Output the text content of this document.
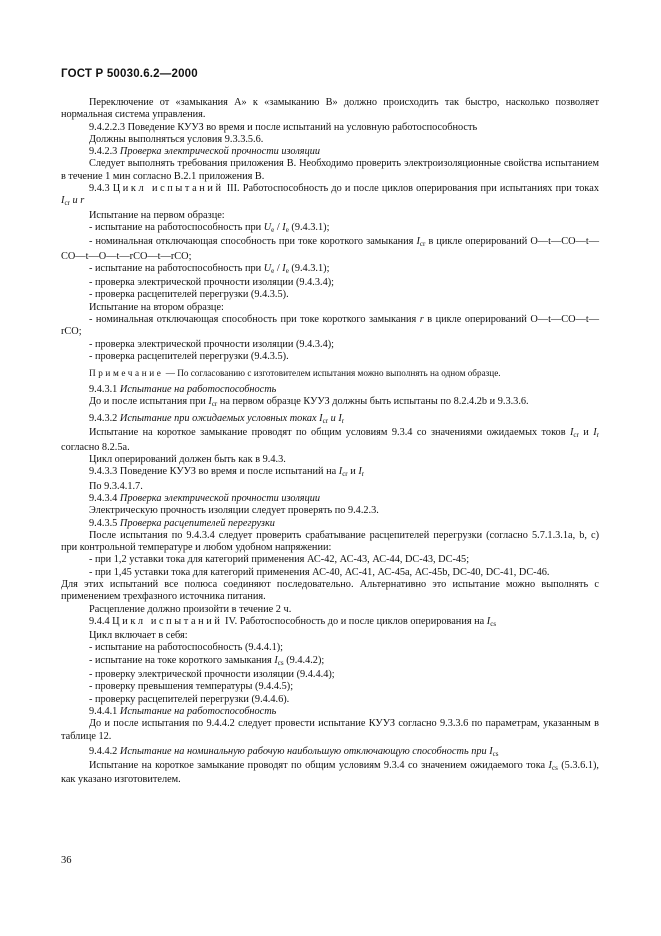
ГОСТ Р 50030.6.2—2000

Переключение от «замыкания А» к «замыканию В» должно происходить так быстро, насколько позволяет нормальная система управления.

9.4.2.2.3 Поведение КУУЗ во время и после испытаний на условную работоспособность

Должны выполняться условия 9.3.3.5.6.

9.4.2.3 Проверка электрической прочности изоляции

Следует выполнять требования приложения В. Необходимо проверить электроизоляционные свойства испытанием в течение 1 мин согласно В.2.1 приложения В.

9.4.3 Цикл испытаний III. Работоспособность до и после циклов оперирования при испытаниях при токах $I_{cr}$ и r

Испытание на первом образце:

- испытание на работоспособность при $U_e / I_e$ (9.4.3.1);

- номинальная отключающая способность при токе короткого замыкания $I_{cr}$ в цикле оперирований О—t—СО—t—СО—t—О—t—rСО—t—rСО;

- испытание на работоспособность при $U_e / I_e$ (9.4.3.1);

- проверка электрической прочности изоляции (9.4.3.4);

- проверка расцепителей перегрузки (9.4.3.5).

Испытание на втором образце:

- номинальная отключающая способность при токе короткого замыкания r в цикле оперирований О—t—СО—t—rСО;

- проверка электрической прочности изоляции (9.4.3.4);

- проверка расцепителей перегрузки (9.4.3.5).

Примечание — По согласованию с изготовителем испытания можно выполнять на одном образце.

9.4.3.1 Испытание на работоспособность

До и после испытания при $I_{cr}$ на первом образце КУУЗ должны быть испытаны по 8.2.4.2b и 9.3.3.6.

9.4.3.2 Испытание при ожидаемых условных токах $I_{cr}$ и $I_r$

Испытание на короткое замыкание проводят по общим условиям 9.3.4 со значениями ожидаемых токов $I_{cr}$ и $I_r$ согласно 8.2.5а.

Цикл оперирований должен быть как в 9.4.3.

9.4.3.3 Поведение КУУЗ во время и после испытаний на $I_{cr}$ и $I_r$

По 9.3.4.1.7.

9.4.3.4 Проверка электрической прочности изоляции

Электрическую прочность изоляции следует проверять по 9.4.2.3.

9.4.3.5 Проверка расцепителей перегрузки

После испытания по 9.4.3.4 следует проверить срабатывание расцепителей перегрузки (согласно 5.7.1.3.1а, b, с) при контрольной температуре и любом удобном напряжении:

- при 1,2 уставки тока для категорий применения АС-42, АС-43, АС-44, DC-43, DC-45;

- при 1,45 уставки тока для категорий применения АС-40, АС-41, АС-45а, АС-45b, DC-40, DC-41, DC-46.

Для этих испытаний все полюса соединяют последовательно. Альтернативно это испытание можно выполнять с применением трехфазного источника питания.

Расцепление должно произойти в течение 2 ч.

9.4.4 Цикл испытаний IV. Работоспособность до и после циклов оперирования на $I_{cs}$

Цикл включает в себя:

- испытание на работоспособность (9.4.4.1);

- испытание на токе короткого замыкания $I_{cs}$ (9.4.4.2);

- проверку электрической прочности изоляции (9.4.4.4);

- проверку превышения температуры (9.4.4.5);

- проверку расцепителей перегрузки (9.4.4.6).

9.4.4.1 Испытание на работоспособность

До и после испытания по 9.4.4.2 следует провести испытание КУУЗ согласно 9.3.3.6 по параметрам, указанным в таблице 12.

9.4.4.2 Испытание на номинальную рабочую наибольшую отключающую способность при $I_{cs}$

Испытание на короткое замыкание проводят по общим условиям 9.3.4 со значением ожидаемого тока $I_{cs}$ (5.3.6.1), как указано изготовителем.

36
